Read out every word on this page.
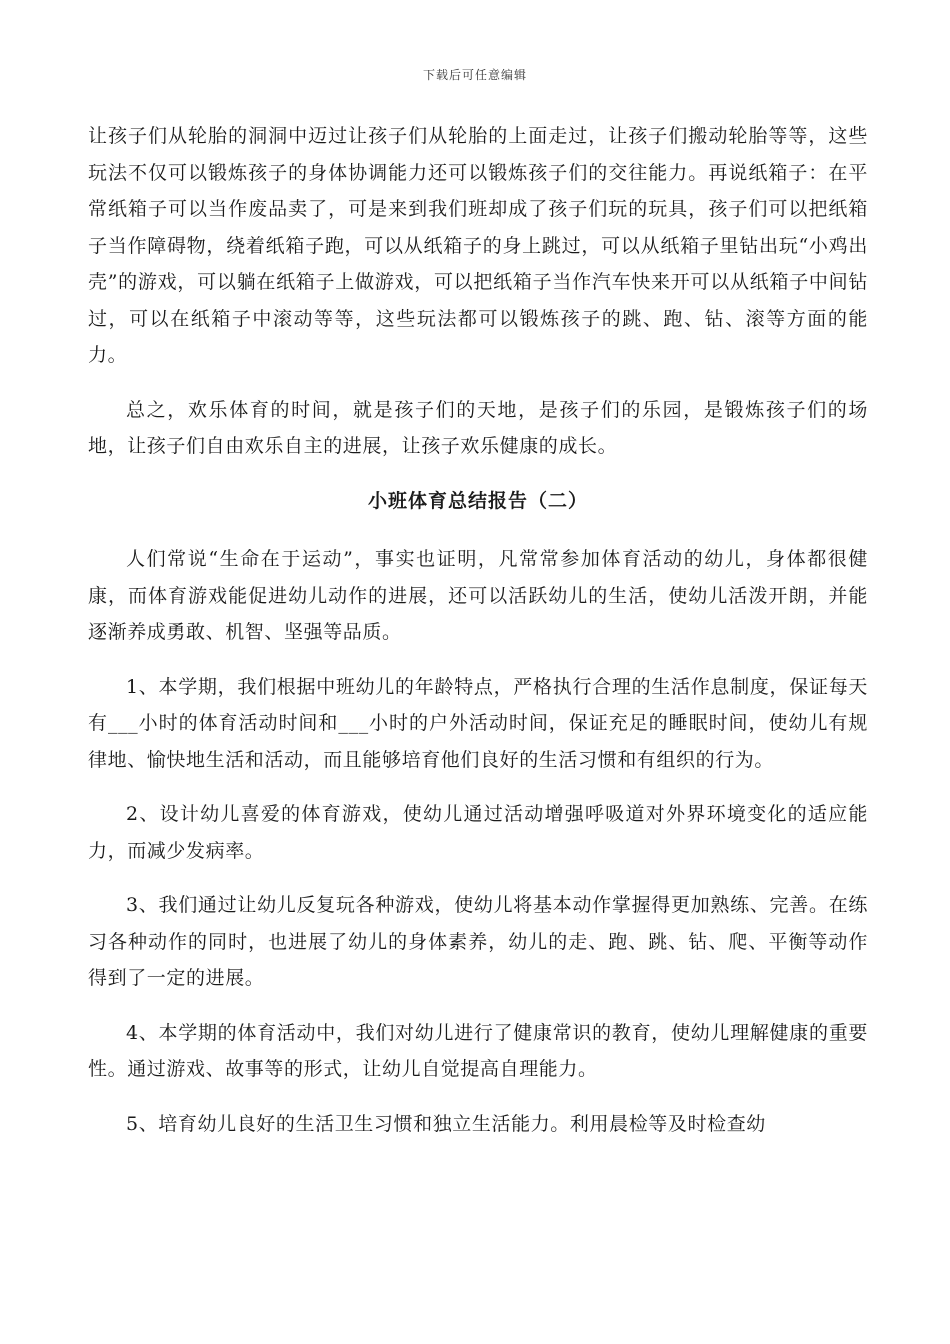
下载后可任意编辑

让孩子们从轮胎的洞洞中迈过让孩子们从轮胎的上面走过，让孩子们搬动轮胎等等，这些玩法不仅可以锻炼孩子的身体协调能力还可以锻炼孩子们的交往能力。再说纸箱子：在平常纸箱子可以当作废品卖了，可是来到我们班却成了孩子们玩的玩具，孩子们可以把纸箱子当作障碍物，绕着纸箱子跑，可以从纸箱子的身上跳过，可以从纸箱子里钻出玩“小鸡出壳”的游戏，可以躺在纸箱子上做游戏，可以把纸箱子当作汽车快来开可以从纸箱子中间钻过，可以在纸箱子中滚动等等，这些玩法都可以锻炼孩子的跳、跑、钻、滚等方面的能力。

总之，欢乐体育的时间，就是孩子们的天地，是孩子们的乐园，是锻炼孩子们的场地，让孩子们自由欢乐自主的进展，让孩子欢乐健康的成长。

小班体育总结报告（二）

人们常说“生命在于运动”，事实也证明，凡常常参加体育活动的幼儿，身体都很健康，而体育游戏能促进幼儿动作的进展，还可以活跃幼儿的生活，使幼儿活泼开朗，并能逐渐养成勇敢、机智、坚强等品质。

1、本学期，我们根据中班幼儿的年龄特点，严格执行合理的生活作息制度，保证每天有___小时的体育活动时间和___小时的户外活动时间，保证充足的睡眠时间，使幼儿有规律地、愉快地生活和活动，而且能够培育他们良好的生活习惯和有组织的行为。

2、设计幼儿喜爱的体育游戏，使幼儿通过活动增强呼吸道对外界环境变化的适应能力，而减少发病率。

3、我们通过让幼儿反复玩各种游戏，使幼儿将基本动作掌握得更加熟练、完善。在练习各种动作的同时，也进展了幼儿的身体素养，幼儿的走、跑、跳、钻、爬、平衡等动作得到了一定的进展。

4、本学期的体育活动中，我们对幼儿进行了健康常识的教育，使幼儿理解健康的重要性。通过游戏、故事等的形式，让幼儿自觉提高自理能力。

5、培育幼儿良好的生活卫生习惯和独立生活能力。利用晨检等及时检查幼
